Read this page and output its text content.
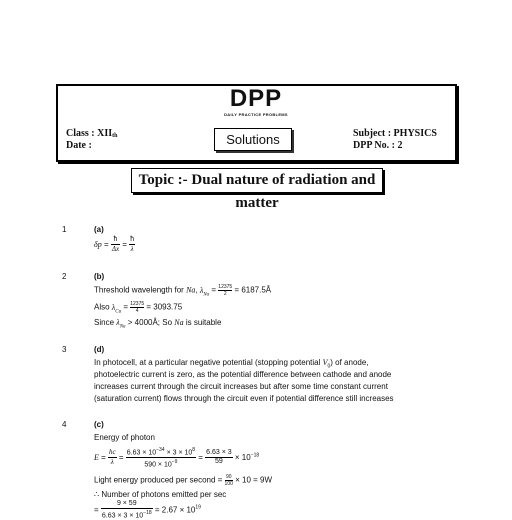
DPP
DAILY PRACTICE PROBLEMS
Class : XIIth
Date :	Solutions	Subject : PHYSICS
DPP No. : 2
Topic :- Dual nature of radiation and matter
1	(a)
$\delta p = \frac{ħ}{\Delta x} = \frac{ħ}{\lambda}$
2	(b)
Threshold wavelength for Na, $\lambda_{Na} = \frac{12375}{2}$ = 6187.5Å
Also $\lambda_{Cu} = \frac{12375}{4} = 3093.75$
Since $\lambda_{Na}$ > 4000Å; So Na is suitable
3	(d)
In photocell, at a particular negative potential (stopping potential $V_0$) of anode,
photoelectric current is zero, as the potential difference between cathode and anode
increases current through the circuit increases but after some time constant current
(saturation current) flows through the circuit even if potential difference still increases
4	(c)
Energy of photon
$E = \frac{hc}{\lambda} = \frac{6.63 \times 10^{-34} \times 3 \times 10^8}{590 \times 10^{-9}} = \frac{6.63 \times 3}{59} \times 10^{-18}$
Light energy produced per second = $\frac{90}{100} \times 10 = 9W$
∴ Number of photons emitted per sec
= $\frac{9 \times 59}{6.63 \times 3 \times 10^{-18}} = 2.67 \times 10^{19}$
